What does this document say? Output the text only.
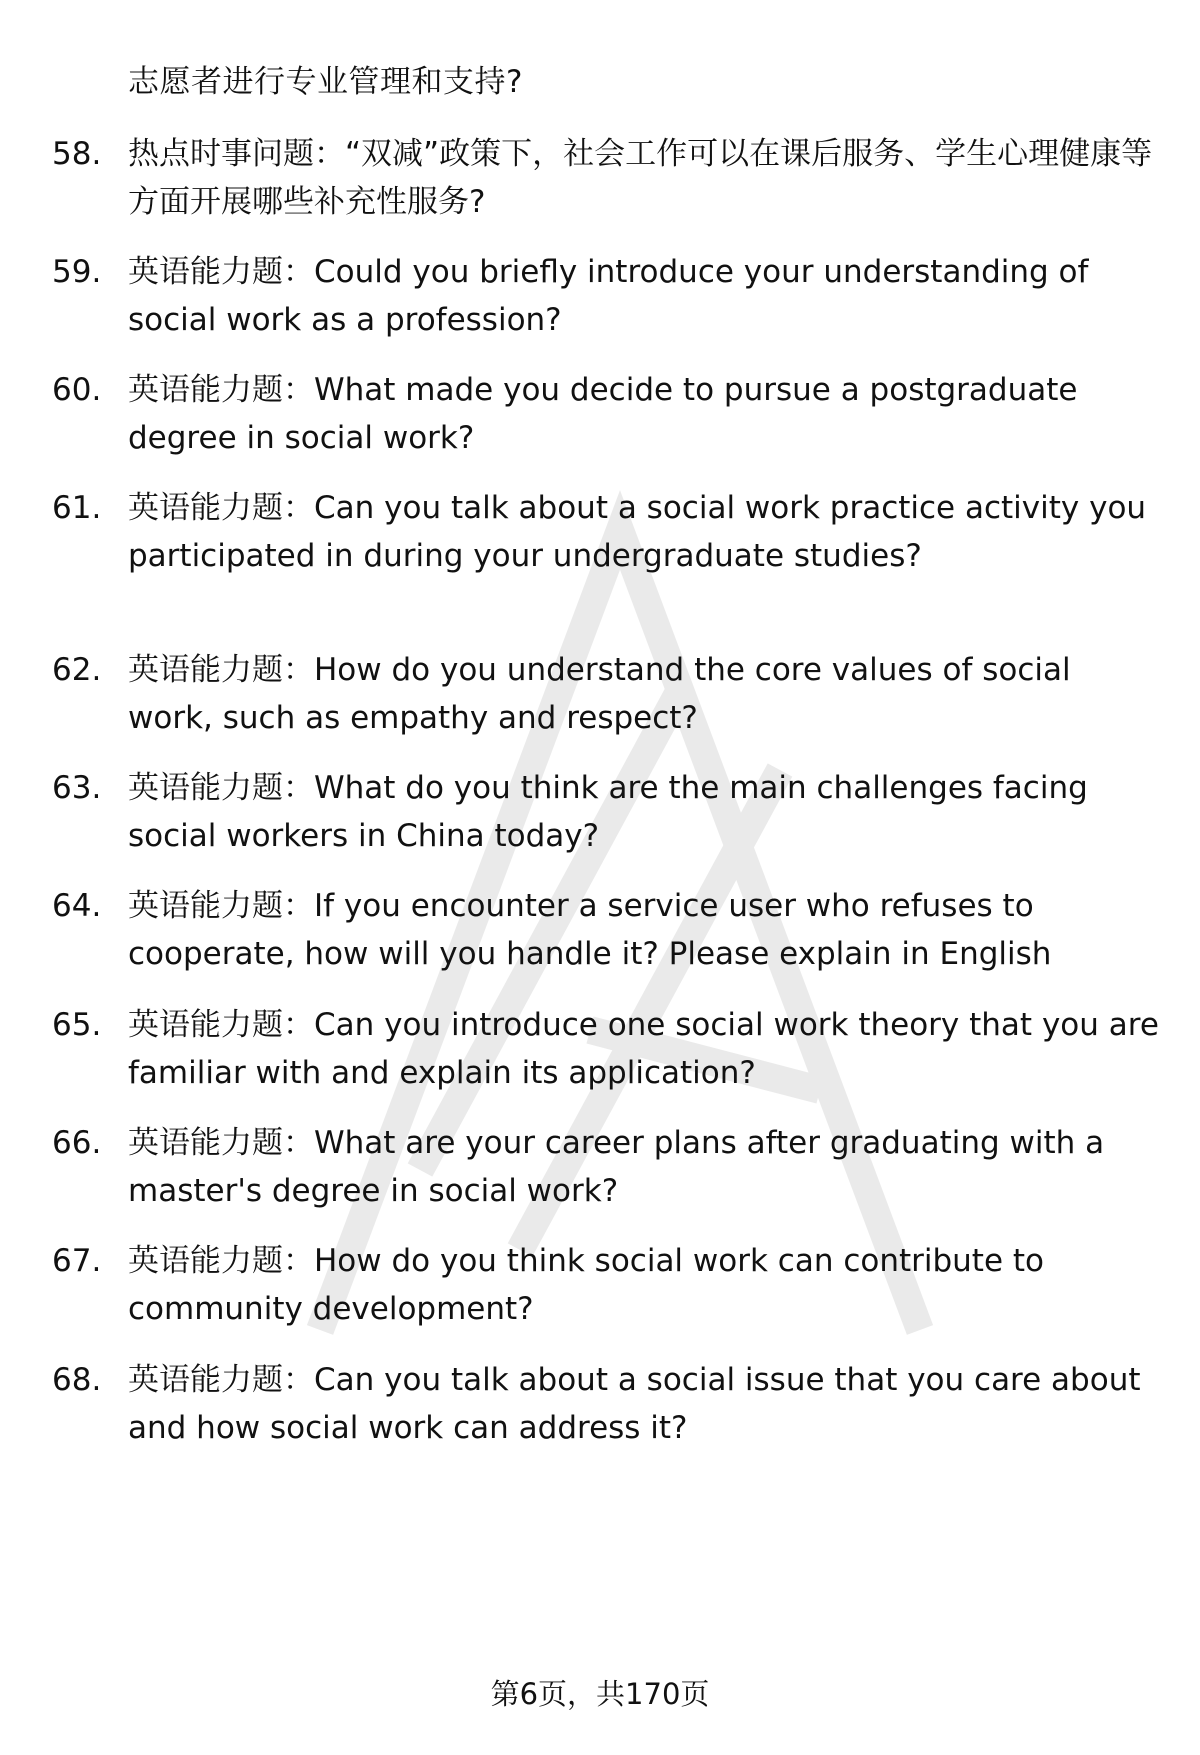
志愿者进行专业管理和支持?
58. 热点时事问题：“双减”政策下，社会工作可以在课后服务、学生心理健康等方面开展哪些补充性服务?
59. 英语能力题：Could you briefly introduce your understanding of social work as a profession?
60. 英语能力题：What made you decide to pursue a postgraduate degree in social work?
61. 英语能力题：Can you talk about a social work practice activity you participated in during your undergraduate studies?
62. 英语能力题：How do you understand the core values of social work, such as empathy and respect?
63. 英语能力题：What do you think are the main challenges facing social workers in China today?
64. 英语能力题：If you encounter a service user who refuses to cooperate, how will you handle it? Please explain in English
65. 英语能力题：Can you introduce one social work theory that you are familiar with and explain its application?
66. 英语能力题：What are your career plans after graduating with a master's degree in social work?
67. 英语能力题：How do you think social work can contribute to community development?
68. 英语能力题：Can you talk about a social issue that you care about and how social work can address it?
第6页，共170页
